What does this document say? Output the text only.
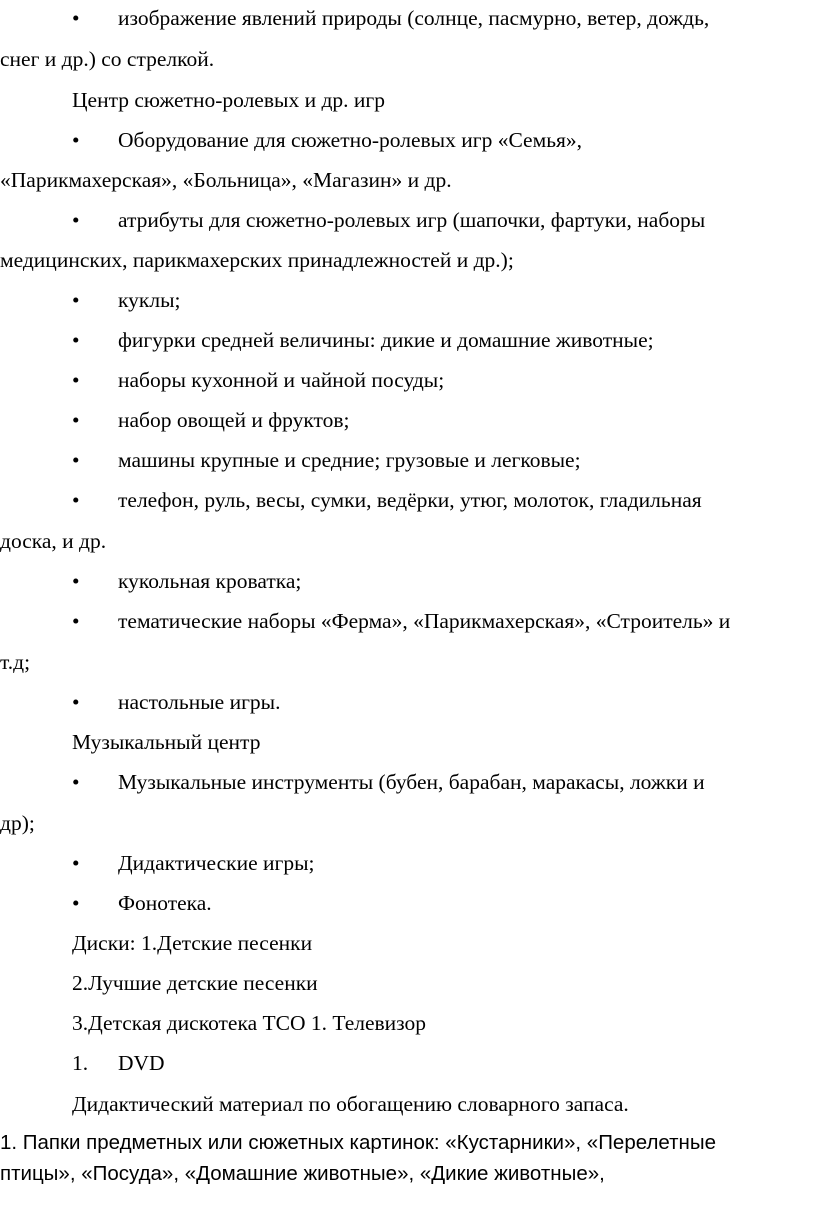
•	изображение явлений природы (солнце, пасмурно, ветер, дождь,
снег и др.) со стрелкой.
Центр сюжетно-ролевых и др. игр
•	Оборудование для сюжетно-ролевых игр «Семья»,
«Парикмахерская», «Больница», «Магазин» и др.
•	атрибуты для сюжетно-ролевых игр (шапочки, фартуки, наборы
медицинских, парикмахерских принадлежностей и др.);
•	куклы;
•	фигурки средней величины: дикие и домашние животные;
•	наборы кухонной и чайной посуды;
•	набор овощей и фруктов;
•	машины крупные и средние; грузовые и легковые;
•	телефон, руль, весы, сумки, ведёрки, утюг, молоток, гладильная
доска, и др.
•	кукольная кроватка;
•	тематические наборы «Ферма», «Парикмахерская», «Строитель» и
т.д;
•	настольные игры.
Музыкальный центр
•	Музыкальные инструменты (бубен, барабан, маракасы, ложки и
др);
•	Дидактические игры;
•	Фонотека.
Диски: 1.Детские песенки
2.Лучшие детские песенки
3.Детская дискотека ТСО 1. Телевизор
1. DVD
Дидактический материал по обогащению словарного запаса.
1. Папки предметных или сюжетных картинок: «Кустарники», «Перелетные
птицы», «Посуда», «Домашние животные», «Дикие животные»,
